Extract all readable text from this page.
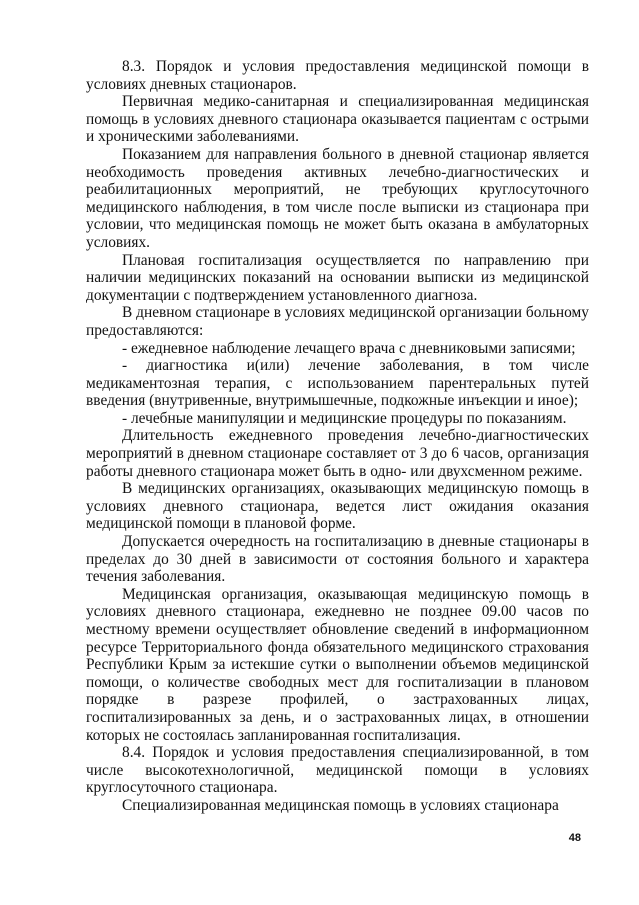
8.3. Порядок и условия предоставления медицинской помощи в условиях дневных стационаров.

Первичная медико-санитарная и специализированная медицинская помощь в условиях дневного стационара оказывается пациентам с острыми и хроническими заболеваниями.

Показанием для направления больного в дневной стационар является необходимость проведения активных лечебно-диагностических и реабилитационных мероприятий, не требующих круглосуточного медицинского наблюдения, в том числе после выписки из стационара при условии, что медицинская помощь не может быть оказана в амбулаторных условиях.

Плановая госпитализация осуществляется по направлению при наличии медицинских показаний на основании выписки из медицинской документации с подтверждением установленного диагноза.

В дневном стационаре в условиях медицинской организации больному предоставляются:

- ежедневное наблюдение лечащего врача с дневниковыми записями;

- диагностика и(или) лечение заболевания, в том числе медикаментозная терапия, с использованием парентеральных путей введения (внутривенные, внутримышечные, подкожные инъекции и иное);

- лечебные манипуляции и медицинские процедуры по показаниям.

Длительность ежедневного проведения лечебно-диагностических мероприятий в дневном стационаре составляет от 3 до 6 часов, организация работы дневного стационара может быть в одно- или двухсменном режиме.

В медицинских организациях, оказывающих медицинскую помощь в условиях дневного стационара, ведется лист ожидания оказания медицинской помощи в плановой форме.

Допускается очередность на госпитализацию в дневные стационары в пределах до 30 дней в зависимости от состояния больного и характера течения заболевания.

Медицинская организация, оказывающая медицинскую помощь в условиях дневного стационара, ежедневно не позднее 09.00 часов по местному времени осуществляет обновление сведений в информационном ресурсе Территориального фонда обязательного медицинского страхования Республики Крым за истекшие сутки о выполнении объемов медицинской помощи, о количестве свободных мест для госпитализации в плановом порядке в разрезе профилей, о застрахованных лицах, госпитализированных за день, и о застрахованных лицах, в отношении которых не состоялась запланированная госпитализация.

8.4. Порядок и условия предоставления специализированной, в том числе высокотехнологичной, медицинской помощи в условиях круглосуточного стационара.

Специализированная медицинская помощь в условиях стационара

48
